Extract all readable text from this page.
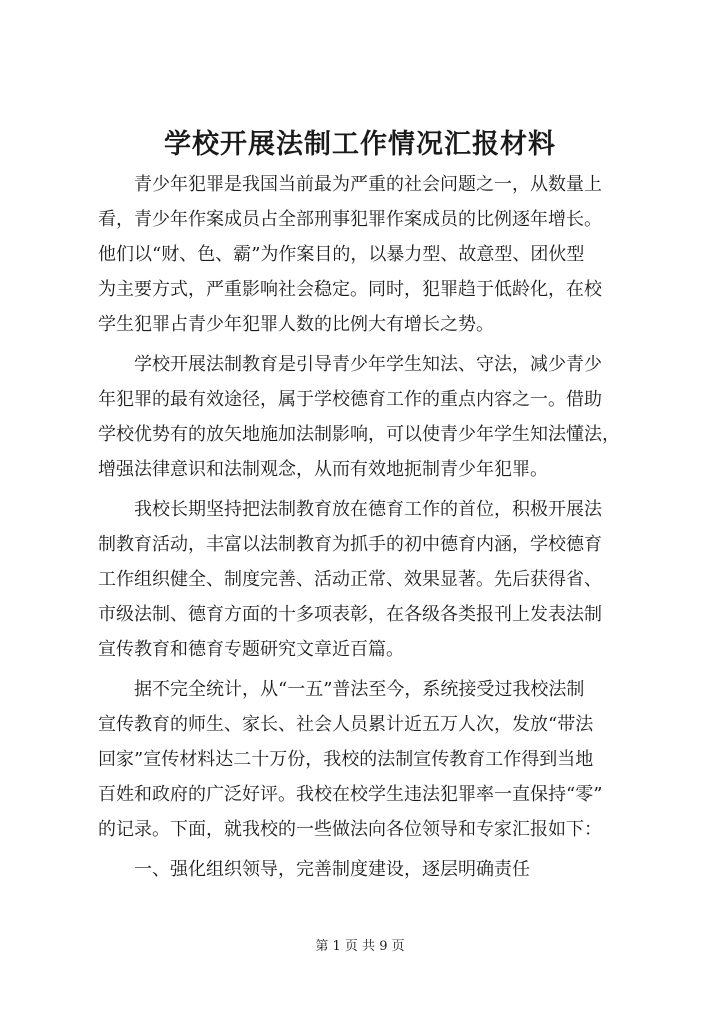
学校开展法制工作情况汇报材料
　　青少年犯罪是我国当前最为严重的社会问题之一，从数量上
看，青少年作案成员占全部刑事犯罪作案成员的比例逐年增长。
他们以“财、色、霸”为作案目的，以暴力型、故意型、团伙型
为主要方式，严重影响社会稳定。同时，犯罪趋于低龄化，在校
学生犯罪占青少年犯罪人数的比例大有增长之势。
　　学校开展法制教育是引导青少年学生知法、守法，减少青少
年犯罪的最有效途径，属于学校德育工作的重点内容之一。借助
学校优势有的放矢地施加法制影响，可以使青少年学生知法懂法，
增强法律意识和法制观念，从而有效地扼制青少年犯罪。
　　我校长期坚持把法制教育放在德育工作的首位，积极开展法
制教育活动，丰富以法制教育为抓手的初中德育内涵，学校德育
工作组织健全、制度完善、活动正常、效果显著。先后获得省、
市级法制、德育方面的十多项表彰，在各级各类报刊上发表法制
宣传教育和德育专题研究文章近百篇。
　　据不完全统计，从“一五”普法至今，系统接受过我校法制
宣传教育的师生、家长、社会人员累计近五万人次，发放“带法
回家”宣传材料达二十万份，我校的法制宣传教育工作得到当地
百姓和政府的广泛好评。我校在校学生违法犯罪率一直保持“零”
的记录。下面，就我校的一些做法向各位领导和专家汇报如下：
　　一、强化组织领导，完善制度建设，逐层明确责任
第 1 页 共 9 页
